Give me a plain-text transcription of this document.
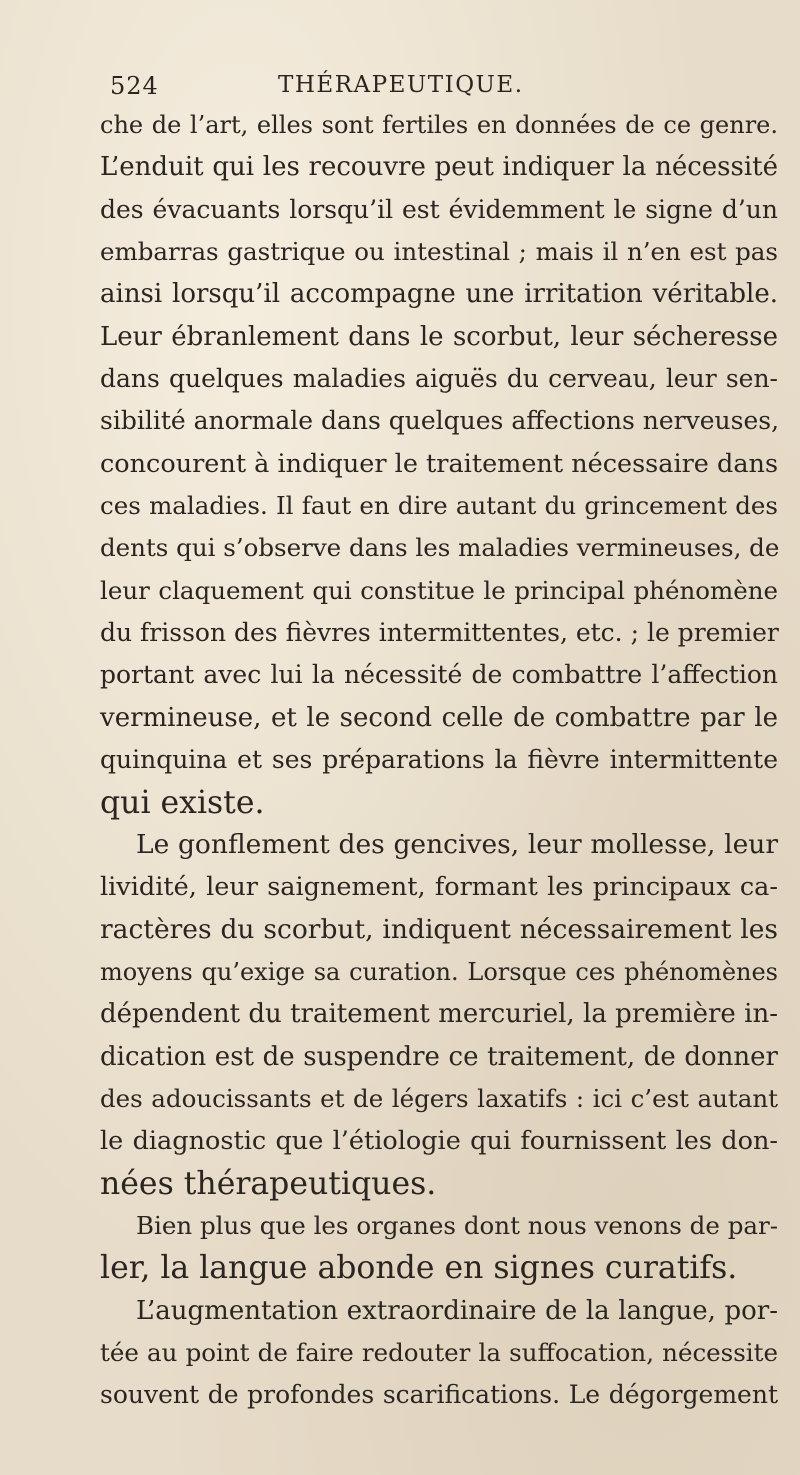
524	THÉRAPEUTIQUE.
che de l’art, elles sont fertiles en données de ce genre.
L’enduit qui les recouvre peut indiquer la nécessité
des évacuants lorsqu’il est évidemment le signe d’un
embarras gastrique ou intestinal ; mais il n’en est pas
ainsi lorsqu’il accompagne une irritation véritable.
Leur ébranlement dans le scorbut, leur sécheresse
dans quelques maladies aiguës du cerveau, leur sen-
sibilité anormale dans quelques affections nerveuses,
concourent à indiquer le traitement nécessaire dans
ces maladies. Il faut en dire autant du grincement des
dents qui s’observe dans les maladies vermineuses, de
leur claquement qui constitue le principal phénomène
du frisson des fièvres intermittentes, etc. ; le premier
portant avec lui la nécessité de combattre l’affection
vermineuse, et le second celle de combattre par le
quinquina et ses préparations la fièvre intermittente
qui existe.
Le gonflement des gencives, leur mollesse, leur
lividité, leur saignement, formant les principaux ca-
ractères du scorbut, indiquent nécessairement les
moyens qu’exige sa curation. Lorsque ces phénomènes
dépendent du traitement mercuriel, la première in-
dication est de suspendre ce traitement, de donner
des adoucissants et de légers laxatifs : ici c’est autant
le diagnostic que l’étiologie qui fournissent les don-
nées thérapeutiques.
Bien plus que les organes dont nous venons de par-
ler, la langue abonde en signes curatifs.
L’augmentation extraordinaire de la langue, por-
tée au point de faire redouter la suffocation, nécessite
souvent de profondes scarifications. Le dégorgement
